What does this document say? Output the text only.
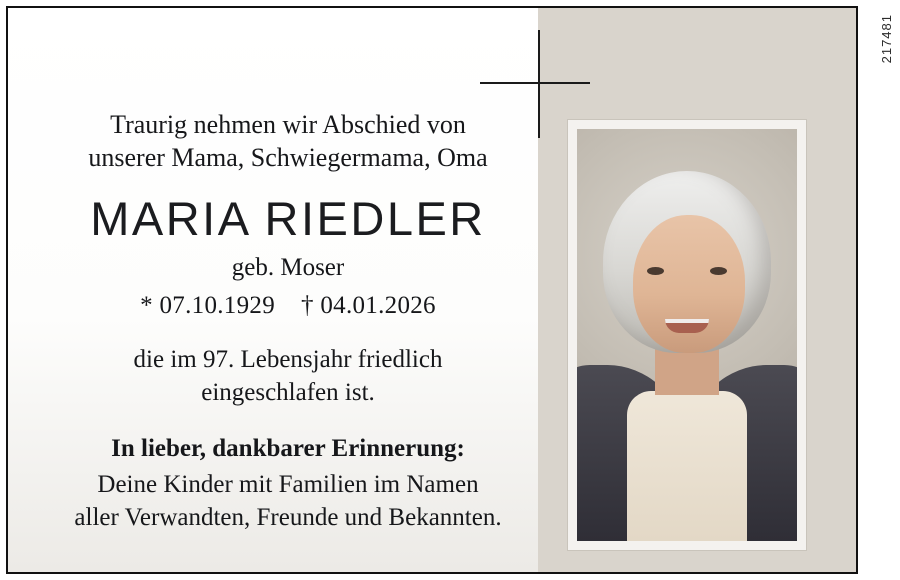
Traurig nehmen wir Abschied von
unserer Mama, Schwiegermama, Oma
MARIA RIEDLER
geb. Moser
* 07.10.1929 † 04.01.2026
die im 97. Lebensjahr friedlich
eingeschlafen ist.
In lieber, dankbarer Erinnerung:
Deine Kinder mit Familien im Namen
aller Verwandten, Freunde und Bekannten.
217481
